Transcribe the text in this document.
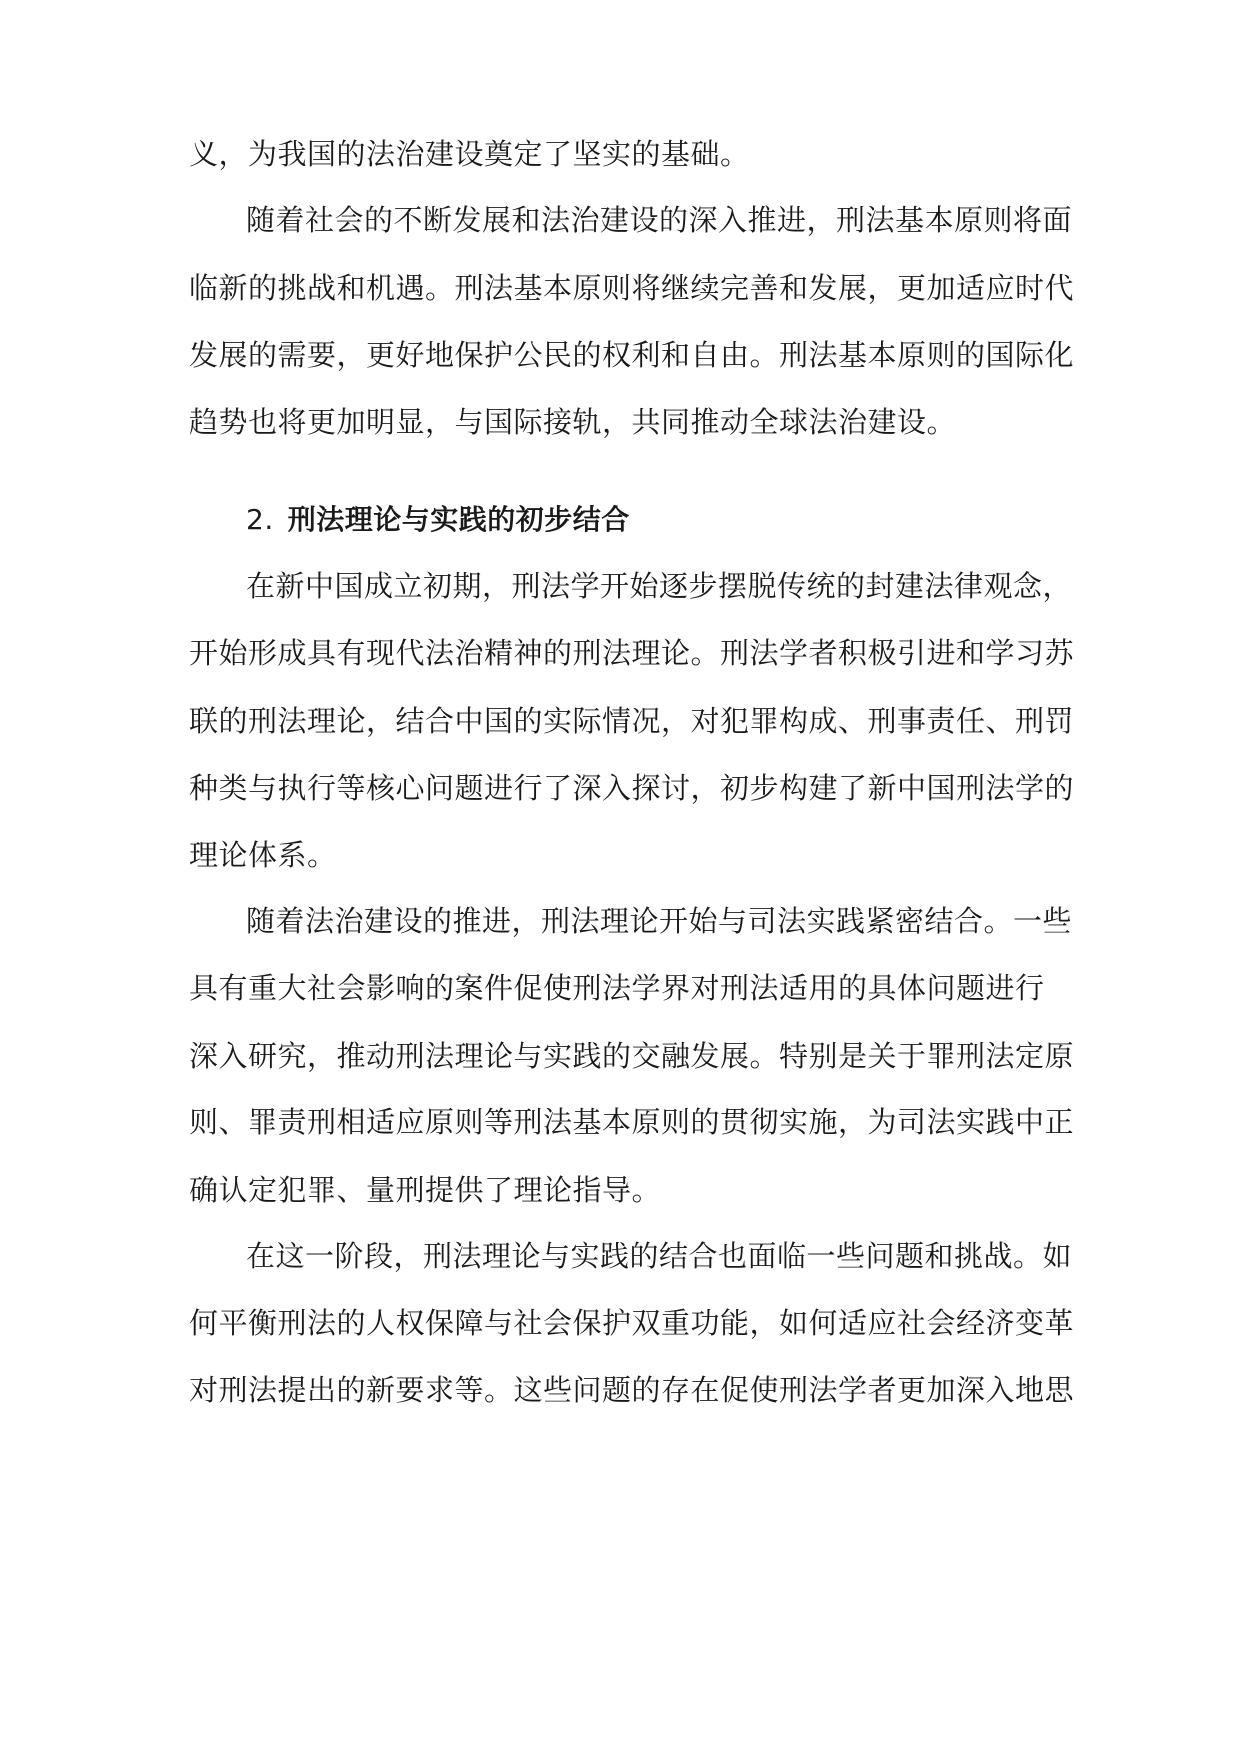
义，为我国的法治建设奠定了坚实的基础。
随着社会的不断发展和法治建设的深入推进，刑法基本原则将面
临新的挑战和机遇。刑法基本原则将继续完善和发展，更加适应时代
发展的需要，更好地保护公民的权利和自由。刑法基本原则的国际化
趋势也将更加明显，与国际接轨，共同推动全球法治建设。
2. 刑法理论与实践的初步结合
在新中国成立初期，刑法学开始逐步摆脱传统的封建法律观念，
开始形成具有现代法治精神的刑法理论。刑法学者积极引进和学习苏
联的刑法理论，结合中国的实际情况，对犯罪构成、刑事责任、刑罚
种类与执行等核心问题进行了深入探讨，初步构建了新中国刑法学的
理论体系。
随着法治建设的推进，刑法理论开始与司法实践紧密结合。一些
具有重大社会影响的案件促使刑法学界对刑法适用的具体问题进行
深入研究，推动刑法理论与实践的交融发展。特别是关于罪刑法定原
则、罪责刑相适应原则等刑法基本原则的贯彻实施，为司法实践中正
确认定犯罪、量刑提供了理论指导。
在这一阶段，刑法理论与实践的结合也面临一些问题和挑战。如
何平衡刑法的人权保障与社会保护双重功能，如何适应社会经济变革
对刑法提出的新要求等。这些问题的存在促使刑法学者更加深入地思
